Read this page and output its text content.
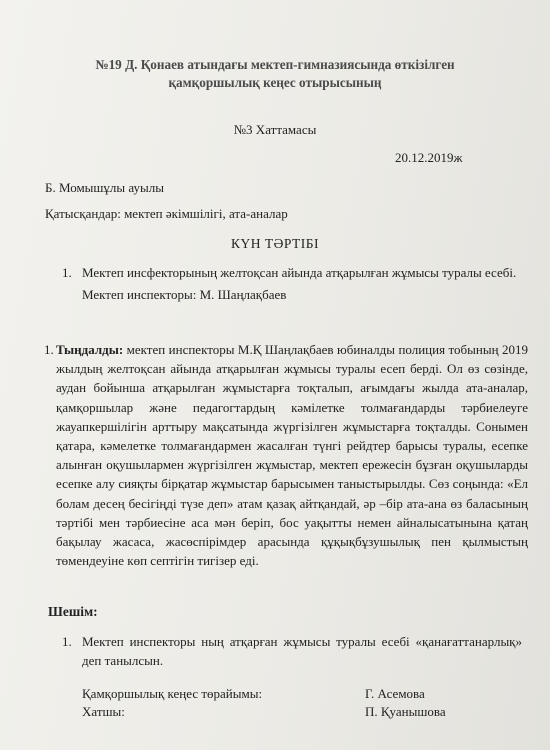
№19 Д. Қонаев атындағы мектеп-гимназиясында өткізілген
қамқоршылық кеңес отырысының
№3 Хаттамасы
20.12.2019ж
Б. Момышұлы ауылы
Қатысқандар: мектеп әкімшілігі, ата-аналар
КҮН ТӘРТІБІ
1. Мектеп инсфекторының желтоқсан айында атқарылған жұмысы туралы есебі.
Мектеп инспекторы: М. Шаңлақбаев
1. Тыңдалды: мектеп инспекторы М.Қ Шаңлақбаев юбиналды полиция тобының 2019 жылдың желтоқсан айында атқарылған жұмысы туралы есеп берді. Ол өз сөзінде, аудан бойынша атқарылған жұмыстарға тоқталып, ағымдағы жылда ата-аналар, қамқоршылар және педагогтардың кәмілетке толмағандарды тәрбиелеуге жауапкершілігін арттыру мақсатында жүргізілген жұмыстарға тоқталды. Сонымен қатара, кәмелетке толмағандармен жасалған түнгі рейдтер барысы туралы, есепке алынған оқушылармен жүргізілген жұмыстар, мектеп ережесін бұзған оқушыларды есепке алу сияқты бірқатар жұмыстар барысымен таныстырылды. Сөз соңында: «Ел болам десең бесігіңді түзе деп» атам қазақ айтқандай, әр –бір ата-ана өз баласының тәртібі мен тәрбиесіне аса мән беріп, бос уақытты немен айналысатынына қатаң бақылау жасаса, жасөспірімдер арасында құқықбұзушылық пен қылмыстың төмендеуіне көп септігін тигізер еді.
Шешім:
1. Мектеп инспекторы ның атқарған жұмысы туралы есебі «қанағаттанарлық» деп танылсын.
Қамқоршылық кеңес төрайымы:	Г. Асемова
Хатшы:	П. Қуанышова
